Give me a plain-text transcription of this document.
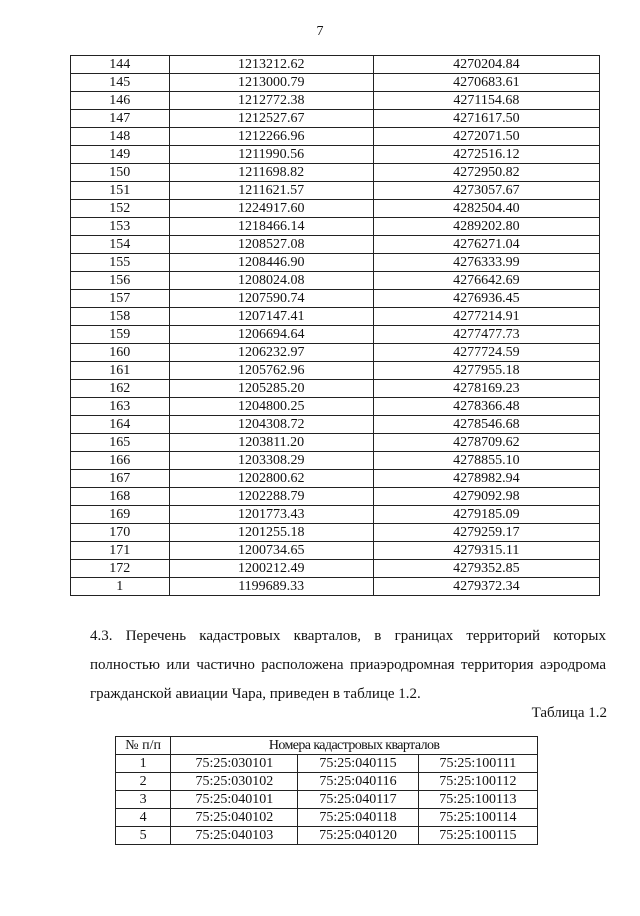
7
144	1213212.62	4270204.84
145	1213000.79	4270683.61
146	1212772.38	4271154.68
147	1212527.67	4271617.50
148	1212266.96	4272071.50
149	1211990.56	4272516.12
150	1211698.82	4272950.82
151	1211621.57	4273057.67
152	1224917.60	4282504.40
153	1218466.14	4289202.80
154	1208527.08	4276271.04
155	1208446.90	4276333.99
156	1208024.08	4276642.69
157	1207590.74	4276936.45
158	1207147.41	4277214.91
159	1206694.64	4277477.73
160	1206232.97	4277724.59
161	1205762.96	4277955.18
162	1205285.20	4278169.23
163	1204800.25	4278366.48
164	1204308.72	4278546.68
165	1203811.20	4278709.62
166	1203308.29	4278855.10
167	1202800.62	4278982.94
168	1202288.79	4279092.98
169	1201773.43	4279185.09
170	1201255.18	4279259.17
171	1200734.65	4279315.11
172	1200212.49	4279352.85
1	1199689.33	4279372.34
4.3. Перечень кадастровых кварталов, в границах территорий которых
полностью или частично расположена приаэродромная территория аэродрома
гражданской авиации Чара, приведен в таблице 1.2.
Таблица 1.2
№ п/п	Номера кадастровых кварталов		
1	75:25:030101	75:25:040115	75:25:100111
2	75:25:030102	75:25:040116	75:25:100112
3	75:25:040101	75:25:040117	75:25:100113
4	75:25:040102	75:25:040118	75:25:100114
5	75:25:040103	75:25:040120	75:25:100115
